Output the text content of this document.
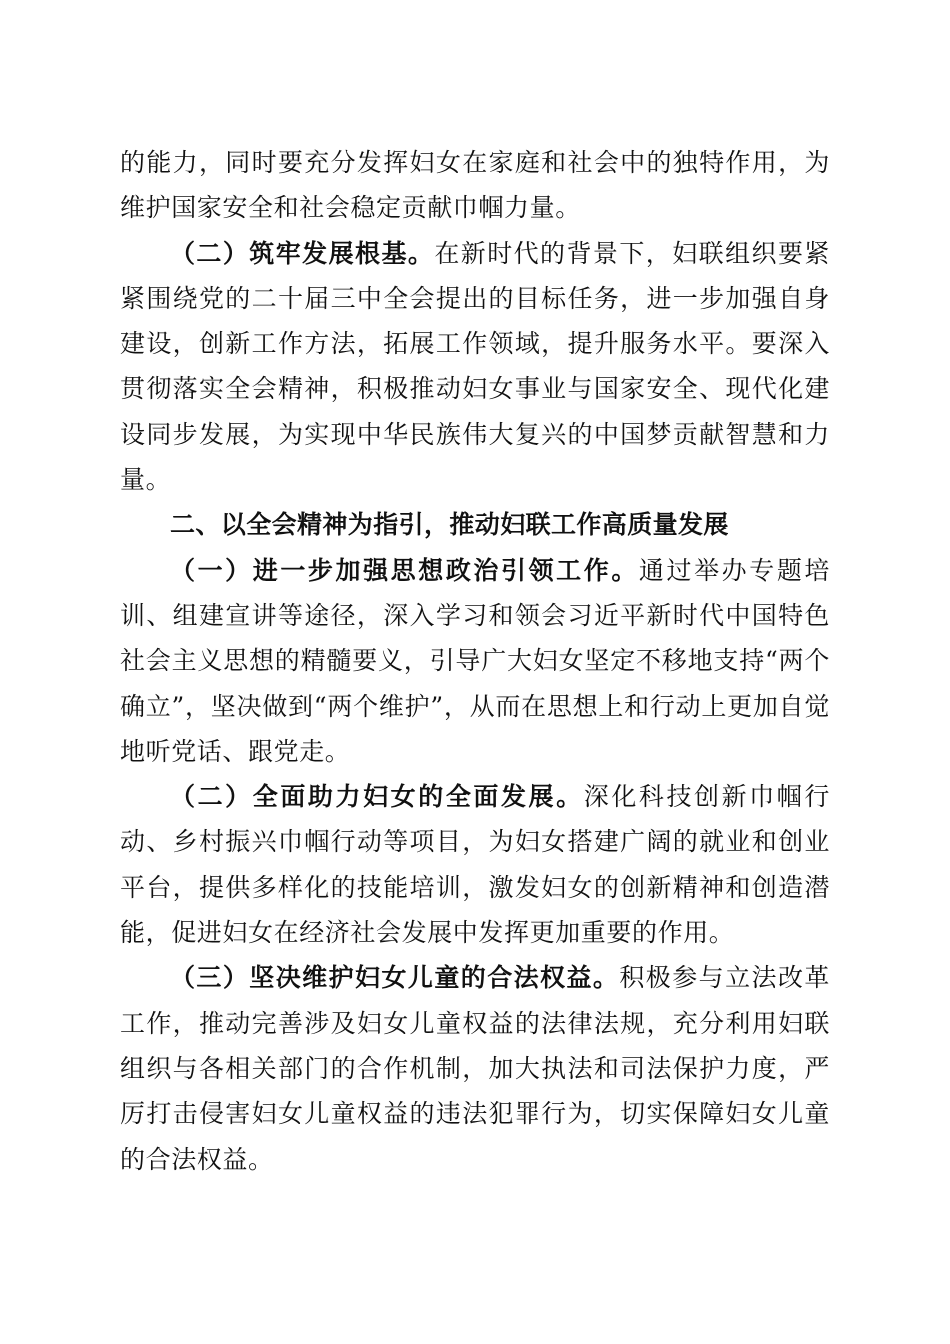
的能力，同时要充分发挥妇女在家庭和社会中的独特作用，为维护国家安全和社会稳定贡献巾帼力量。

（二）筑牢发展根基。在新时代的背景下，妇联组织要紧紧围绕党的二十届三中全会提出的目标任务，进一步加强自身建设，创新工作方法，拓展工作领域，提升服务水平。要深入贯彻落实全会精神，积极推动妇女事业与国家安全、现代化建设同步发展，为实现中华民族伟大复兴的中国梦贡献智慧和力量。

二、以全会精神为指引，推动妇联工作高质量发展

（一）进一步加强思想政治引领工作。通过举办专题培训、组建宣讲等途径，深入学习和领会习近平新时代中国特色社会主义思想的精髓要义，引导广大妇女坚定不移地支持“两个确立”，坚决做到“两个维护”，从而在思想上和行动上更加自觉地听党话、跟党走。

（二）全面助力妇女的全面发展。深化科技创新巾帼行动、乡村振兴巾帼行动等项目，为妇女搭建广阔的就业和创业平台，提供多样化的技能培训，激发妇女的创新精神和创造潜能，促进妇女在经济社会发展中发挥更加重要的作用。

（三）坚决维护妇女儿童的合法权益。积极参与立法改革工作，推动完善涉及妇女儿童权益的法律法规，充分利用妇联组织与各相关部门的合作机制，加大执法和司法保护力度，严厉打击侵害妇女儿童权益的违法犯罪行为，切实保障妇女儿童的合法权益。
